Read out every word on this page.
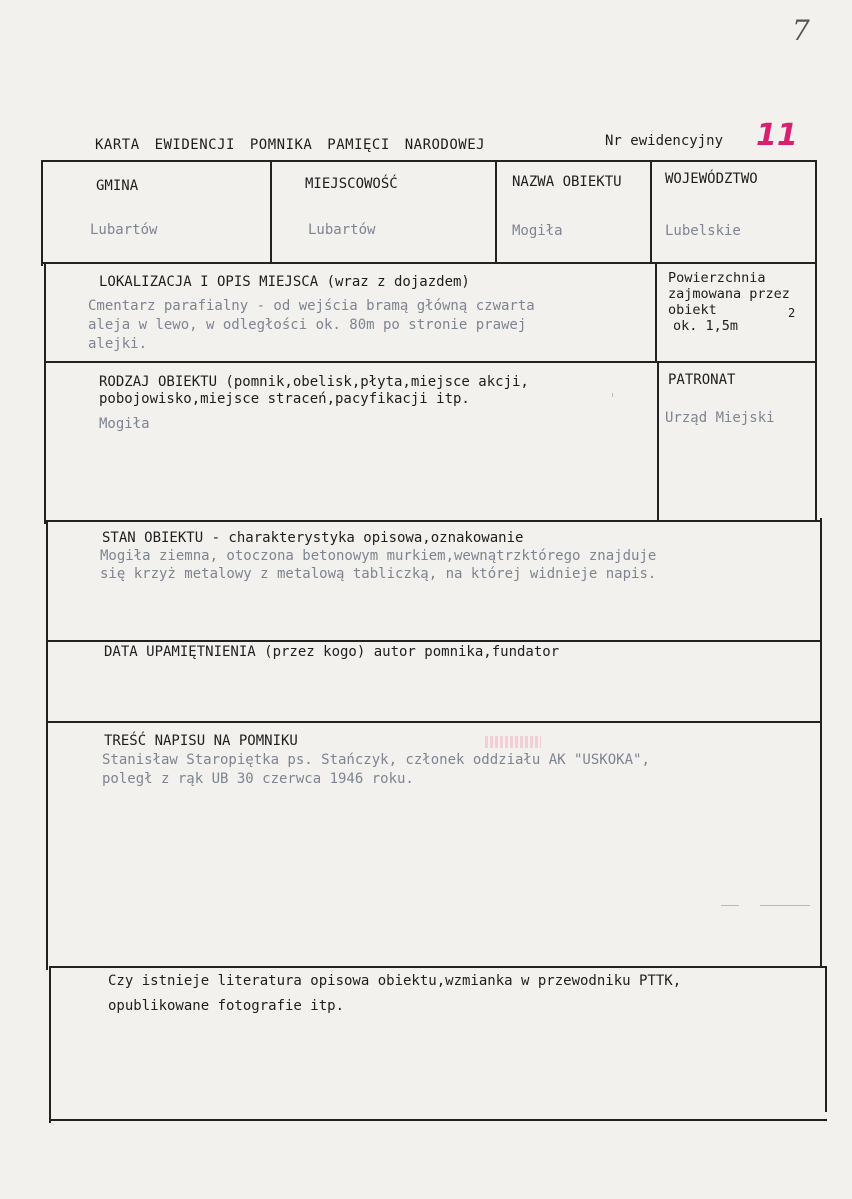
7
KARTA EWIDENCJI POMNIKA PAMIĘCI NARODOWEJ	Nr ewidencyjny 11
GMINA
Lubartów
MIEJSCOWOŚĆ
Lubartów
NAZWA OBIEKTU
Mogiła
WOJEWÓDZTWO
Lubelskie
LOKALIZACJA I OPIS MIEJSCA (wraz z dojazdem)
Cmentarz parafialny - od wejścia bramą główną czwarta
aleja w lewo, w odległości ok. 80m po stronie prawej
alejki.
Powierzchnia
zajmowana przez
obiekt	2
ok. 1,5m
RODZAJ OBIEKTU (pomnik,obelisk,płyta,miejsce akcji,
pobojowisko,miejsce straceń,pacyfikacji itp.
Mogiła
PATRONAT
Urząd Miejski
STAN OBIEKTU - charakterystyka opisowa,oznakowanie
Mogiła ziemna, otoczona betonowym murkiem,wewnątrzktórego znajduje
się krzyż metalowy z metalową tabliczką, na której widnieje napis.
DATA UPAMIĘTNIENIA (przez kogo) autor pomnika,fundator
TREŚĆ NAPISU NA POMNIKU
Stanisław Staropiętka ps. Stańczyk, członek oddziału AK "USKOKA",
poległ z rąk UB 30 czerwca 1946 roku.
Czy istnieje literatura opisowa obiektu,wzmianka w przewodniku PTTK,
opublikowane fotografie itp.
